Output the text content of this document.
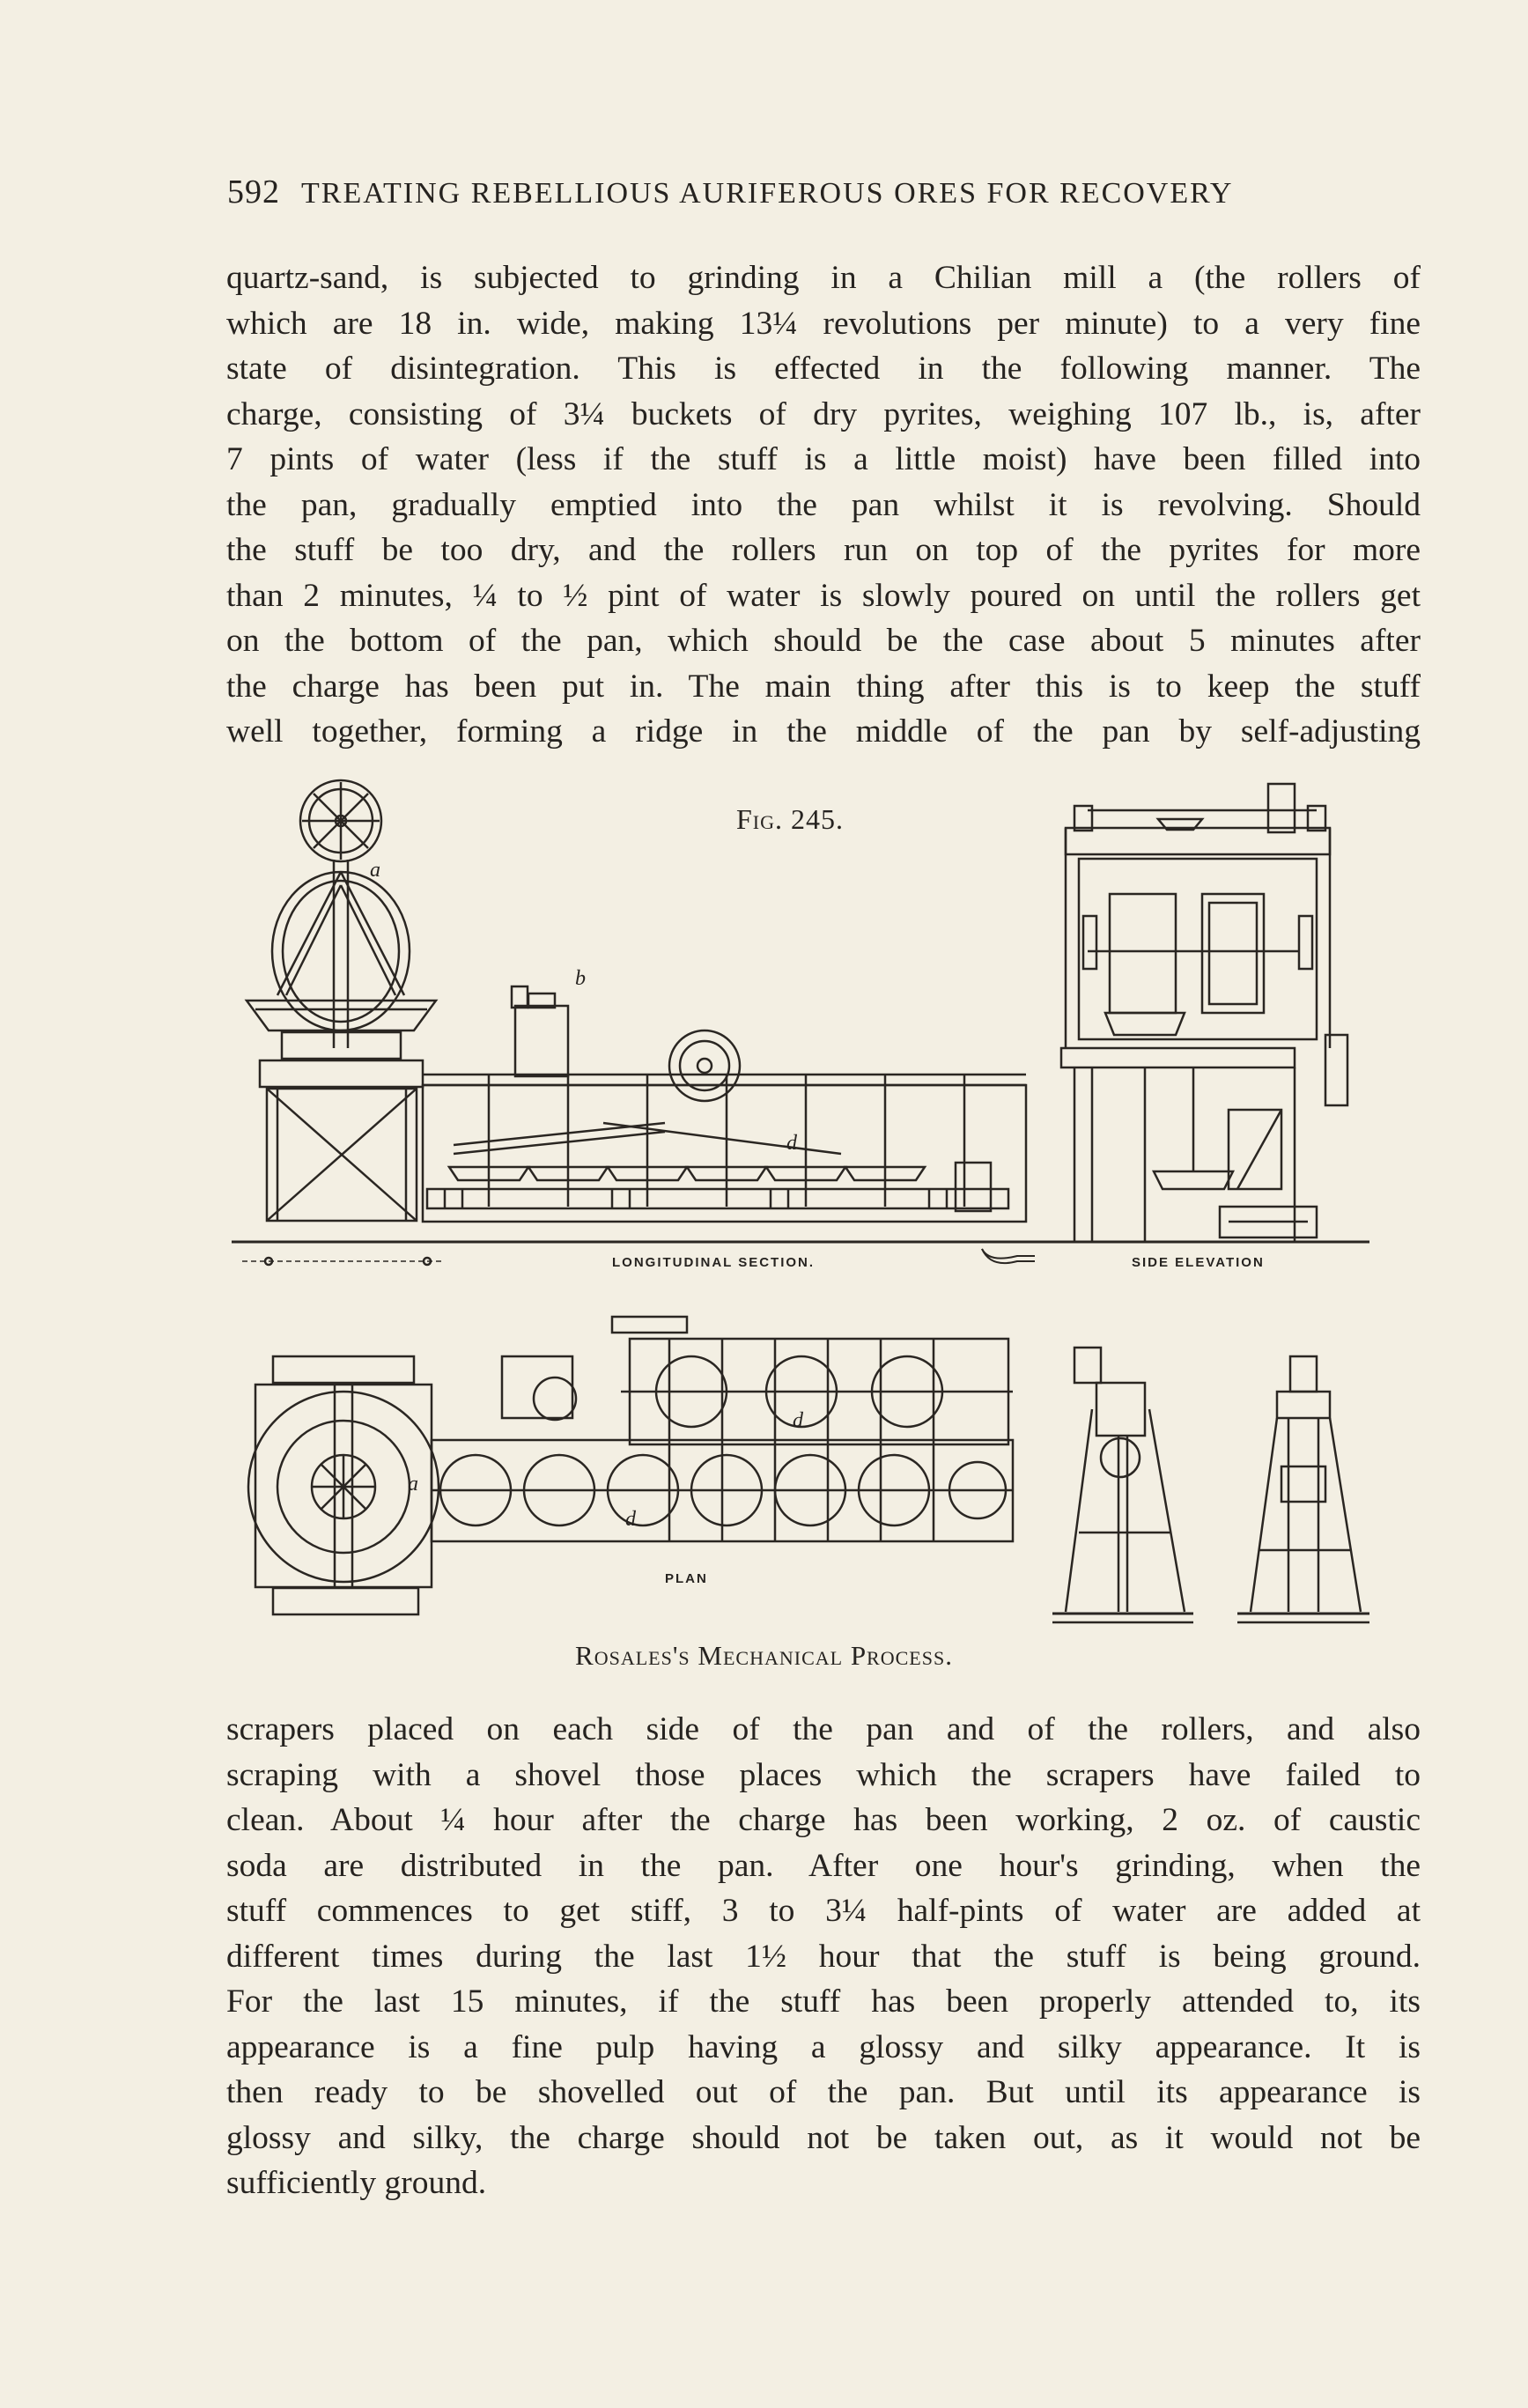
592 TREATING REBELLIOUS AURIFEROUS ORES FOR RECOVERY
quartz-sand, is subjected to grinding in a Chilian mill a (the rollers of
which are 18 in. wide, making 13¼ revolutions per minute) to a very fine
state of disintegration. This is effected in the following manner. The
charge, consisting of 3¼ buckets of dry pyrites, weighing 107 lb., is, after
7 pints of water (less if the stuff is a little moist) have been filled into
the pan, gradually emptied into the pan whilst it is revolving. Should
the stuff be too dry, and the rollers run on top of the pyrites for more
than 2 minutes, ¼ to ½ pint of water is slowly poured on until the rollers get
on the bottom of the pan, which should be the case about 5 minutes after
the charge has been put in. The main thing after this is to keep the stuff
well together, forming a ridge in the middle of the pan by self-adjusting
Fig. 245.
LONGITUDINAL SECTION.
a
b
d
SIDE ELEVATION
a
d
d
PLAN
Rosales's Mechanical Process.
scrapers placed on each side of the pan and of the rollers, and also
scraping with a shovel those places which the scrapers have failed to
clean. About ¼ hour after the charge has been working, 2 oz. of caustic
soda are distributed in the pan. After one hour's grinding, when the
stuff commences to get stiff, 3 to 3¼ half-pints of water are added at
different times during the last 1½ hour that the stuff is being ground.
For the last 15 minutes, if the stuff has been properly attended to, its
appearance is a fine pulp having a glossy and silky appearance. It is
then ready to be shovelled out of the pan. But until its appearance is
glossy and silky, the charge should not be taken out, as it would not be
sufficiently ground.
